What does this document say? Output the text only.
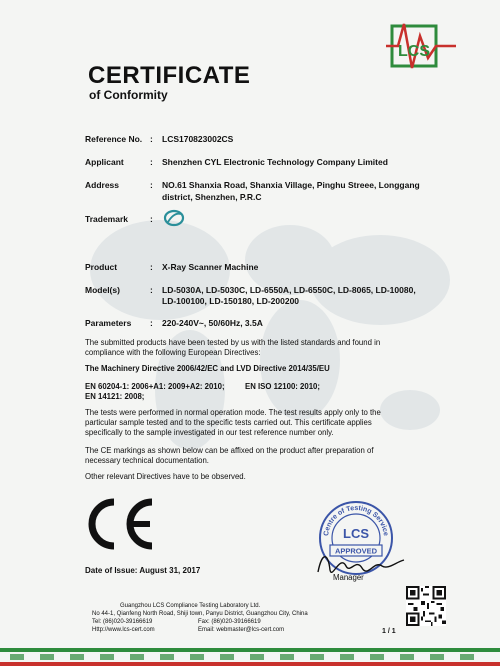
LCS
CERTIFICATE
of Conformity
Reference No. : LCS170823002CS
Applicant	: Shenzhen CYL Electronic Technology Company Limited
Address	: NO.61 Shanxia Road, Shanxia Village, Pinghu Streee, Longgang
district, Shenzhen, P.R.C
Trademark	:
Product	: X-Ray Scanner Machine
Model(s)	: LD-5030A, LD-5030C, LD-6550A, LD-6550C, LD-8065, LD-10080,
LD-100100, LD-150180, LD-200200
Parameters : 220-240V~, 50/60Hz, 3.5A
The submitted products have been tested by us with the listed standards and found in
compliance with the following European Directives:
The Machinery Directive 2006/42/EC and LVD Directive 2014/35/EU
EN 60204-1: 2006+A1: 2009+A2: 2010;	EN ISO 12100: 2010;
EN 14121: 2008;
The tests were performed in normal operation mode. The test results apply only to the
particular sample tested and to the specific tests carried out. This certificate applies
specifically to the sample investigated in our test reference number only.
The CE markings as shown below can be affixed on the product after preparation of
necessary technical documentation.
Other relevant Directives have to be observed.
Centre of Testing Service
LCS
APPROVED
Manager
Date of Issue: August 31, 2017
Guangzhou LCS Compliance Testing Laboratory Ltd.
No 44-1, Qianfeng North Road, Shiji town, Panyu District, Guangzhou City, China
Tel: (86)020-39166619	Fax: (86)020-39166619
Http://www.lcs-cert.com	Email: webmaster@lcs-cert.com	1 / 1
